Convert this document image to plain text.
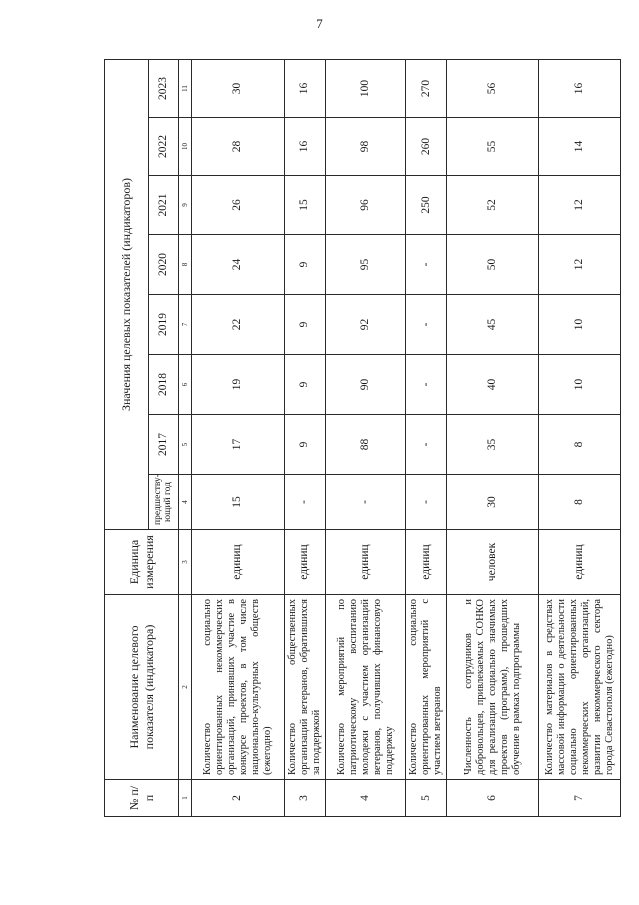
7
№ п/п	Наименование целевого показателя (индикатора)	Единица измерения	Значения целевых показателей (индикаторов)							
			предшеству-ющий год	2017	2018	2019	2020	2021	2022	2023
1	2	3	4	5	6	7	8	9	10	11
2	Количество социально ориентированных некоммерческих организаций, принявших участие в конкурсе проектов, в том числе национально-культурных обществ (ежегодно)	единиц	15	17	19	22	24	26	28	30
3	Количество общественных организаций ветеранов, обратившихся за поддержкой	единиц	-	9	9	9	9	15	16	16
4	Количество мероприятий по патриотическому воспитанию молодежи с участием организаций ветеранов, получивших финансовую поддержку	единиц	-	88	90	92	95	96	98	100
5	Количество социально ориентированных мероприятий с участием ветеранов	единиц	-	-	-	-	-	250	260	270
6	Численность сотрудников и добровольцев, привлекаемых СОНКО для реализации социально значимых проектов (программ), прошедших обучение в рамках подпрограммы	человек	30	35	40	45	50	52	55	56
7	Количество материалов в средствах массовой информации о деятельности социально ориентированных некоммерческих организаций, развитии некоммерческого сектора города Севастополя (ежегодно)	единиц	8	8	10	10	12	12	14	16
